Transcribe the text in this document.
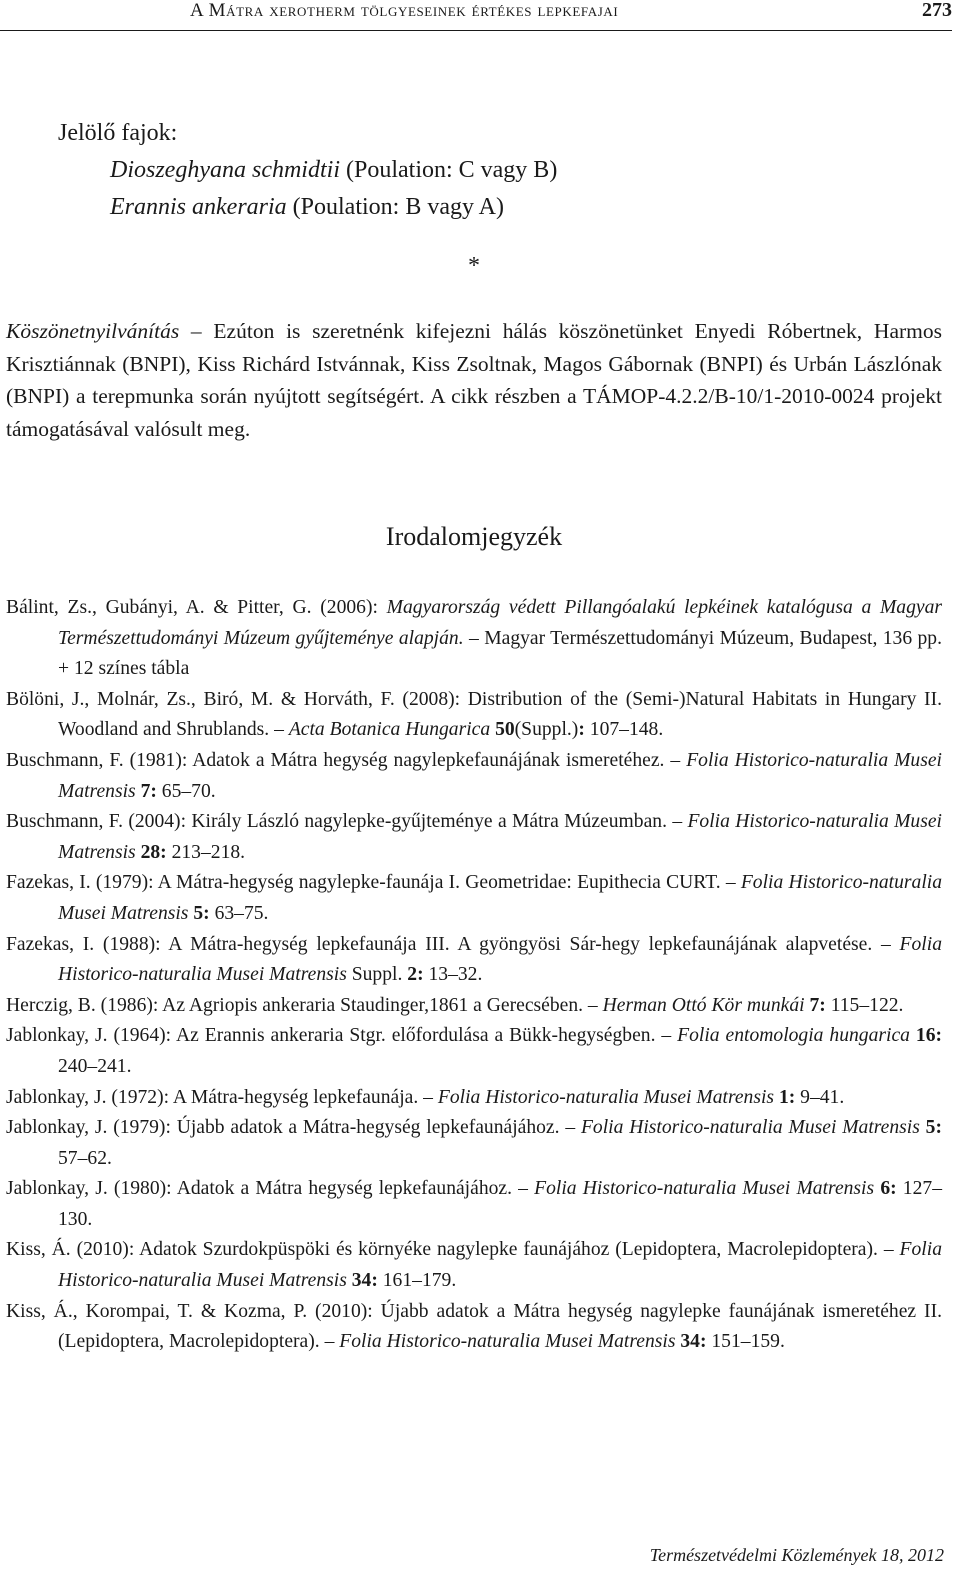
A Mátra xerotherm tölgyeseinek értékes lepkefajai	273
Jelölő fajok:
Dioszeghyana schmidtii (Poulation: C vagy B)
Erannis ankeraria (Poulation: B vagy A)
*
Köszönetnyilvánítás – Ezúton is szeretnénk kifejezni hálás köszönetünket Enyedi Róbertnek, Harmos Krisztiánnak (BNPI), Kiss Richárd Istvánnak, Kiss Zsoltnak, Magos Gábornak (BNPI) és Urbán Lászlónak (BNPI) a terepmunka során nyújtott segítségért. A cikk részben a TÁMOP-4.2.2/B-10/1-2010-0024 projekt támogatásával valósult meg.
Irodalomjegyzék

Bálint, Zs., Gubányi, A. & Pitter, G. (2006): Magyarország védett Pillangóalakú lepkéinek katalógusa a Magyar Természettudományi Múzeum gyűjteménye alapján. – Magyar Természettudományi Múzeum, Budapest, 136 pp. + 12 színes tábla

Bölöni, J., Molnár, Zs., Biró, M. & Horváth, F. (2008): Distribution of the (Semi-)Natural Habitats in Hungary II. Woodland and Shrublands. – Acta Botanica Hungarica 50(Suppl.): 107–148.

Buschmann, F. (1981): Adatok a Mátra hegység nagylepkefaunájának ismeretéhez. – Folia Historico-naturalia Musei Matrensis 7: 65–70.

Buschmann, F. (2004): Király László nagylepke-gyűjteménye a Mátra Múzeumban. – Folia Historico-naturalia Musei Matrensis 28: 213–218.

Fazekas, I. (1979): A Mátra-hegység nagylepke-faunája I. Geometridae: Eupithecia CURT. – Folia Historico-naturalia Musei Matrensis 5: 63–75.

Fazekas, I. (1988): A Mátra-hegység lepkefaunája III. A gyöngyösi Sár-hegy lepkefaunájának alapvetése. – Folia Historico-naturalia Musei Matrensis Suppl. 2: 13–32.

Herczig, B. (1986): Az Agriopis ankeraria Staudinger,1861 a Gerecsében. – Herman Ottó Kör munkái 7: 115–122.

Jablonkay, J. (1964): Az Erannis ankeraria Stgr. előfordulása a Bükk-hegységben. – Folia entomologia hungarica 16: 240–241.

Jablonkay, J. (1972): A Mátra-hegység lepkefaunája. – Folia Historico-naturalia Musei Matrensis 1: 9–41.

Jablonkay, J. (1979): Újabb adatok a Mátra-hegység lepkefaunájához. – Folia Historico-naturalia Musei Matrensis 5: 57–62.

Jablonkay, J. (1980): Adatok a Mátra hegység lepkefaunájához. – Folia Historico-naturalia Musei Matrensis 6: 127–130.

Kiss, Á. (2010): Adatok Szurdokpüspöki és környéke nagylepke faunájához (Lepidoptera, Macrolepidoptera). – Folia Historico-naturalia Musei Matrensis 34: 161–179.

Kiss, Á., Korompai, T. & Kozma, P. (2010): Újabb adatok a Mátra hegység nagylepke faunájának ismeretéhez II. (Lepidoptera, Macrolepidoptera). – Folia Historico-naturalia Musei Matrensis 34: 151–159.

Természetvédelmi Közlemények 18, 2012
